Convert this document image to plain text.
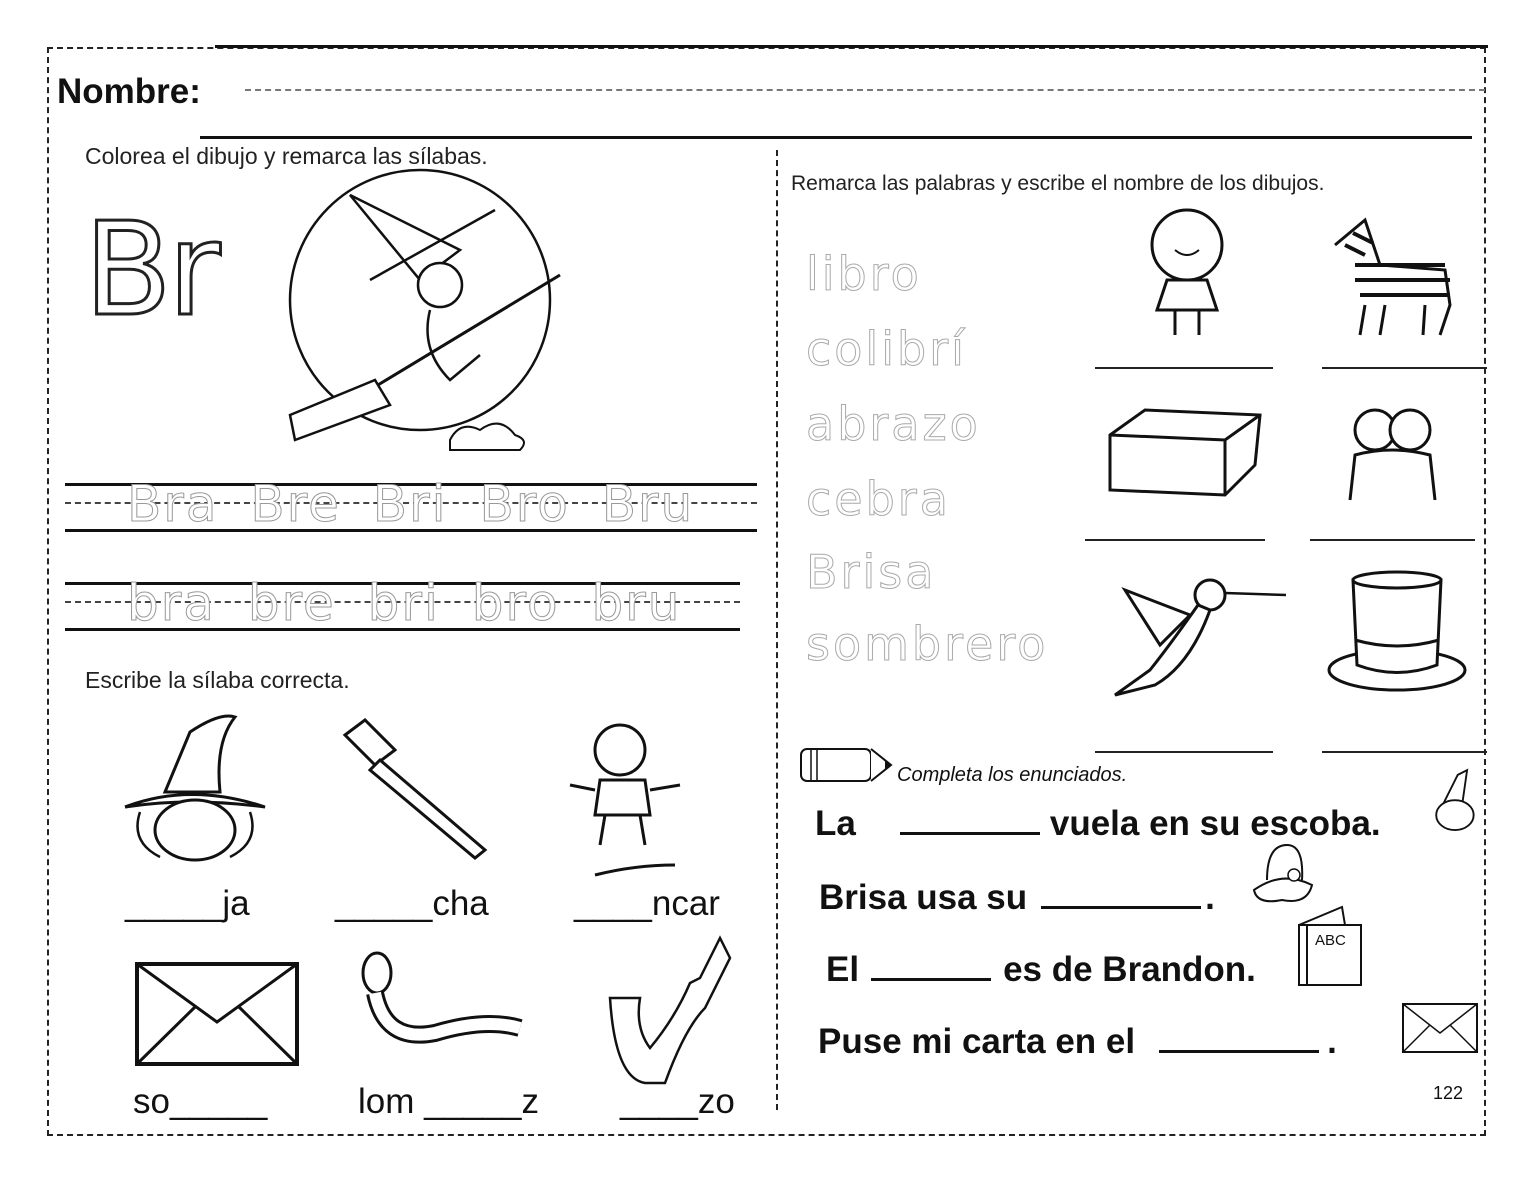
Nombre:
Colorea el dibujo y remarca las sílabas.
Br
Bra Bre Bri Bro Bru
bra bre bri bro bru
Escribe la sílaba correcta.
_____ja _____cha ____ncar
so_____	lom _____z ____zo
Remarca las palabras y escribe el nombre de los dibujos.
libro
colibrí
abrazo
cebra
Brisa
sombrero
Completa los enunciados.
La	vuela en su escoba.
Brisa usa su	.
ABC
El	es de Brandon.
Puse mi carta en el	.
122
